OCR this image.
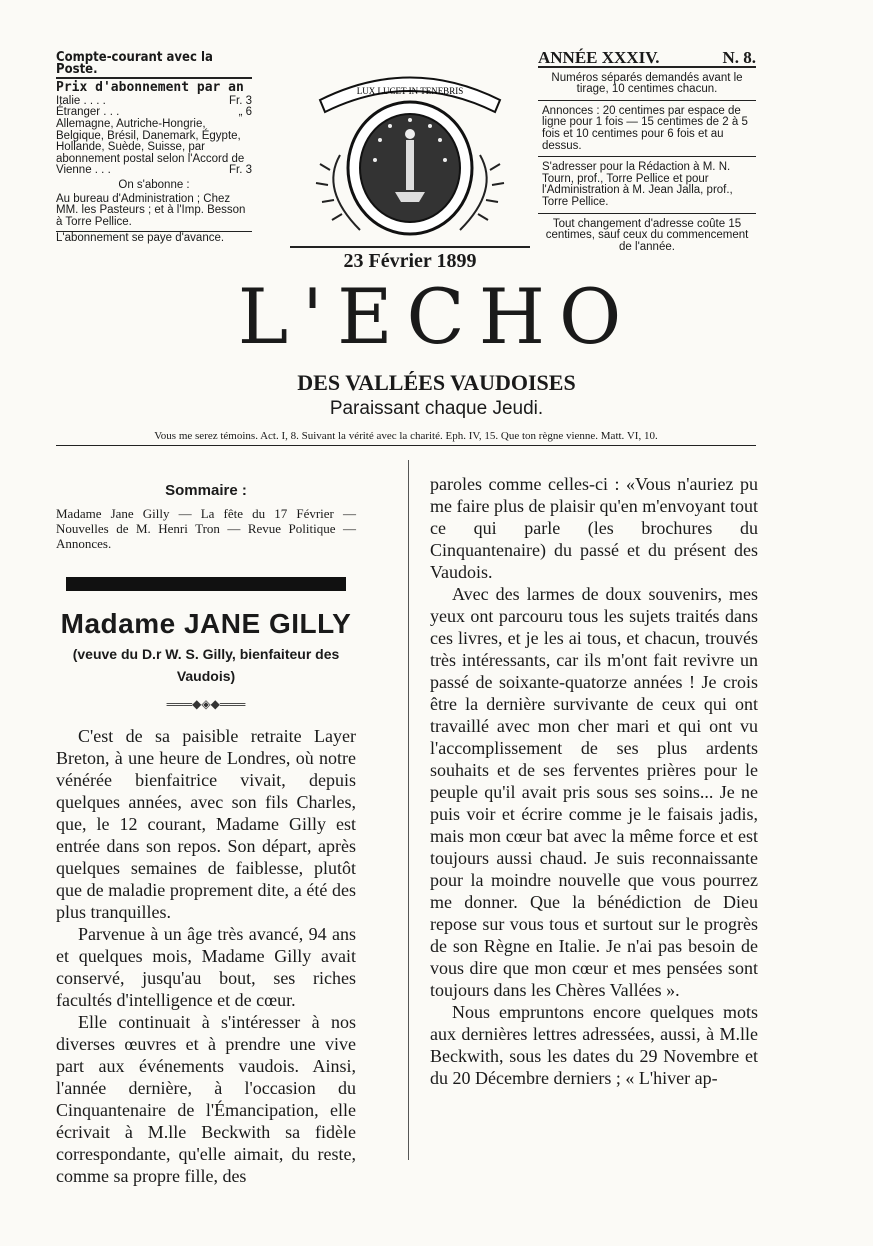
Compte-courant avec la Poste.
Prix d'abonnement par an
Italie . . . .	Fr. 3
Étranger . . .	„ 6
Allemagne, Autriche-Hongrie, Belgique, Brésil, Danemark, Égypte, Hollande, Suède, Suisse, par abonnement postal selon l'Accord de Vienne . . .	Fr. 3
On s'abonne :
Au bureau d'Administration ; Chez MM. les Pasteurs ; et à l'Imp. Besson à Torre Pellice.
L'abonnement se paye d'avance.
LUX LUCET IN TENEBRIS
23 Février 1899
ANNÉE XXXIV.	N. 8.
Numéros séparés demandés avant le tirage, 10 centimes chacun.
Annonces : 20 centimes par espace de ligne pour 1 fois — 15 centimes de 2 à 5 fois et 10 centimes pour 6 fois et au dessus.
S'adresser pour la Rédaction à M. N. Tourn, prof., Torre Pellice et pour l'Administration à M. Jean Jalla, prof., Torre Pellice.
Tout changement d'adresse coûte 15 centimes, sauf ceux du commencement de l'année.
L'ECHO
DES VALLÉES VAUDOISES
Paraissant chaque Jeudi.
Vous me serez témoins. Act. I, 8. Suivant la vérité avec la charité. Eph. IV, 15. Que ton règne vienne. Matt. VI, 10.
Sommaire :

Madame Jane Gilly — La fête du 17 Février — Nouvelles de M. Henri Tron — Revue Politique — Annonces.

Madame JANE GILLY
(veuve du D.r W. S. Gilly, bienfaiteur des Vaudois)
═══◆◈◆═══

C'est de sa paisible retraite Layer Breton, à une heure de Londres, où notre vénérée bienfaitrice vivait, depuis quelques années, avec son fils Charles, que, le 12 courant, Madame Gilly est entrée dans son repos. Son départ, après quelques semaines de faiblesse, plutôt que de maladie proprement dite, a été des plus tranquilles.

Parvenue à un âge très avancé, 94 ans et quelques mois, Madame Gilly avait conservé, jusqu'au bout, ses riches facultés d'intelligence et de cœur.

Elle continuait à s'intéresser à nos diverses œuvres et à prendre une vive part aux événements vaudois. Ainsi, l'année dernière, à l'occasion du Cinquantenaire de l'Émancipation, elle écrivait à M.lle Beckwith sa fidèle correspondante, qu'elle aimait, du reste, comme sa propre fille, des

paroles comme celles-ci : «Vous n'auriez pu me faire plus de plaisir qu'en m'envoyant tout ce qui parle (les brochures du Cinquantenaire) du passé et du présent des Vaudois.

Avec des larmes de doux souvenirs, mes yeux ont parcouru tous les sujets traités dans ces livres, et je les ai tous, et chacun, trouvés très intéressants, car ils m'ont fait revivre un passé de soixante-quatorze années ! Je crois être la dernière survivante de ceux qui ont travaillé avec mon cher mari et qui ont vu l'accomplissement de ses plus ardents souhaits et de ses ferventes prières pour le peuple qu'il avait pris sous ses soins... Je ne puis voir et écrire comme je le faisais jadis, mais mon cœur bat avec la même force et est toujours aussi chaud. Je suis reconnaissante pour la moindre nouvelle que vous pourrez me donner. Que la bénédiction de Dieu repose sur vous tous et surtout sur le progrès de son Règne en Italie. Je n'ai pas besoin de vous dire que mon cœur et mes pensées sont toujours dans les Chères Vallées ».

Nous empruntons encore quelques mots aux dernières lettres adressées, aussi, à M.lle Beckwith, sous les dates du 29 Novembre et du 20 Décembre derniers ; « L'hiver ap-
